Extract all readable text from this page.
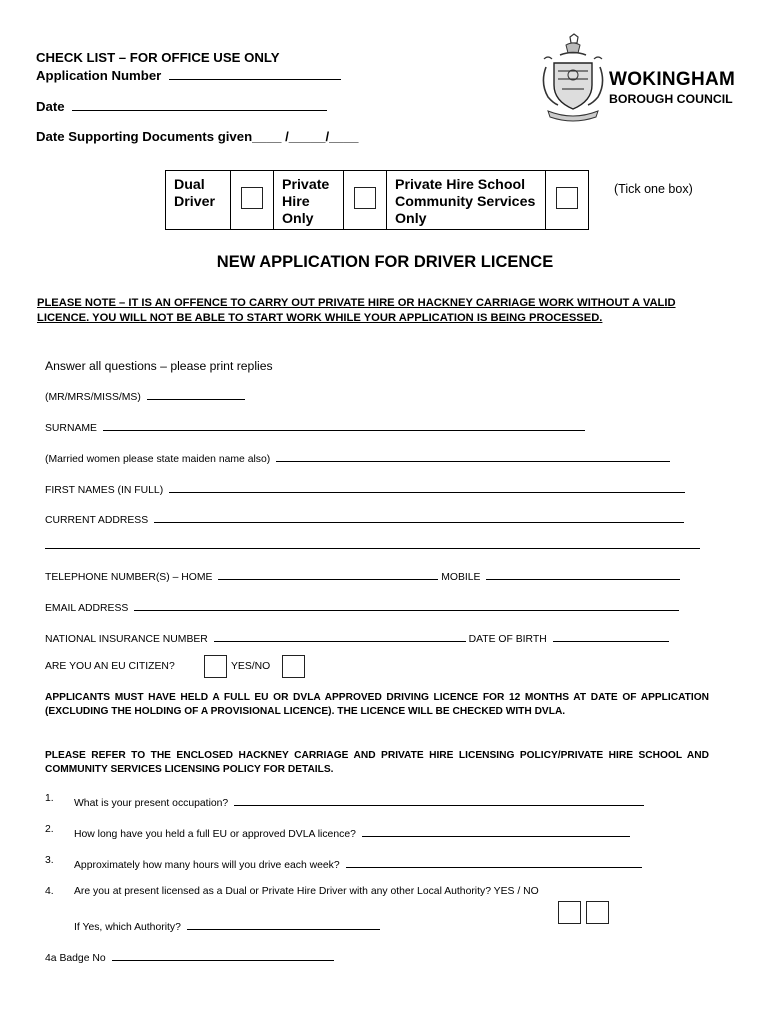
CHECK LIST – FOR OFFICE USE ONLY
Application Number
Date
Date Supporting Documents given____ /_____/____
WOKINGHAM
BOROUGH COUNCIL
Dual Driver		Private Hire Only		Private Hire School Community Services Only	
(Tick one box)
NEW APPLICATION FOR DRIVER LICENCE
PLEASE NOTE – IT IS AN OFFENCE TO CARRY OUT PRIVATE HIRE OR HACKNEY CARRIAGE WORK WITHOUT A VALID LICENCE. YOU WILL NOT BE ABLE TO START WORK WHILE YOUR APPLICATION IS BEING PROCESSED.
Answer all questions – please print replies
(MR/MRS/MISS/MS)
SURNAME
(Married women please state maiden name also)
FIRST NAMES (IN FULL)
CURRENT ADDRESS
TELEPHONE NUMBER(S) – HOME	MOBILE
EMAIL ADDRESS
NATIONAL INSURANCE NUMBER	DATE OF BIRTH
ARE YOU AN EU CITIZEN?	YES/NO
APPLICANTS MUST HAVE HELD A FULL EU OR DVLA APPROVED DRIVING LICENCE FOR 12 MONTHS AT DATE OF APPLICATION (EXCLUDING THE HOLDING OF A PROVISIONAL LICENCE). THE LICENCE WILL BE CHECKED WITH DVLA.
PLEASE REFER TO THE ENCLOSED HACKNEY CARRIAGE AND PRIVATE HIRE LICENSING POLICY/PRIVATE HIRE SCHOOL AND COMMUNITY SERVICES LICENSING POLICY FOR DETAILS.
1. What is your present occupation?
2. How long have you held a full EU or approved DVLA licence?
3. Approximately how many hours will you drive each week?
4. Are you at present licensed as a Dual or Private Hire Driver with any other Local Authority? YES / NO
If Yes, which Authority?
4a Badge No
